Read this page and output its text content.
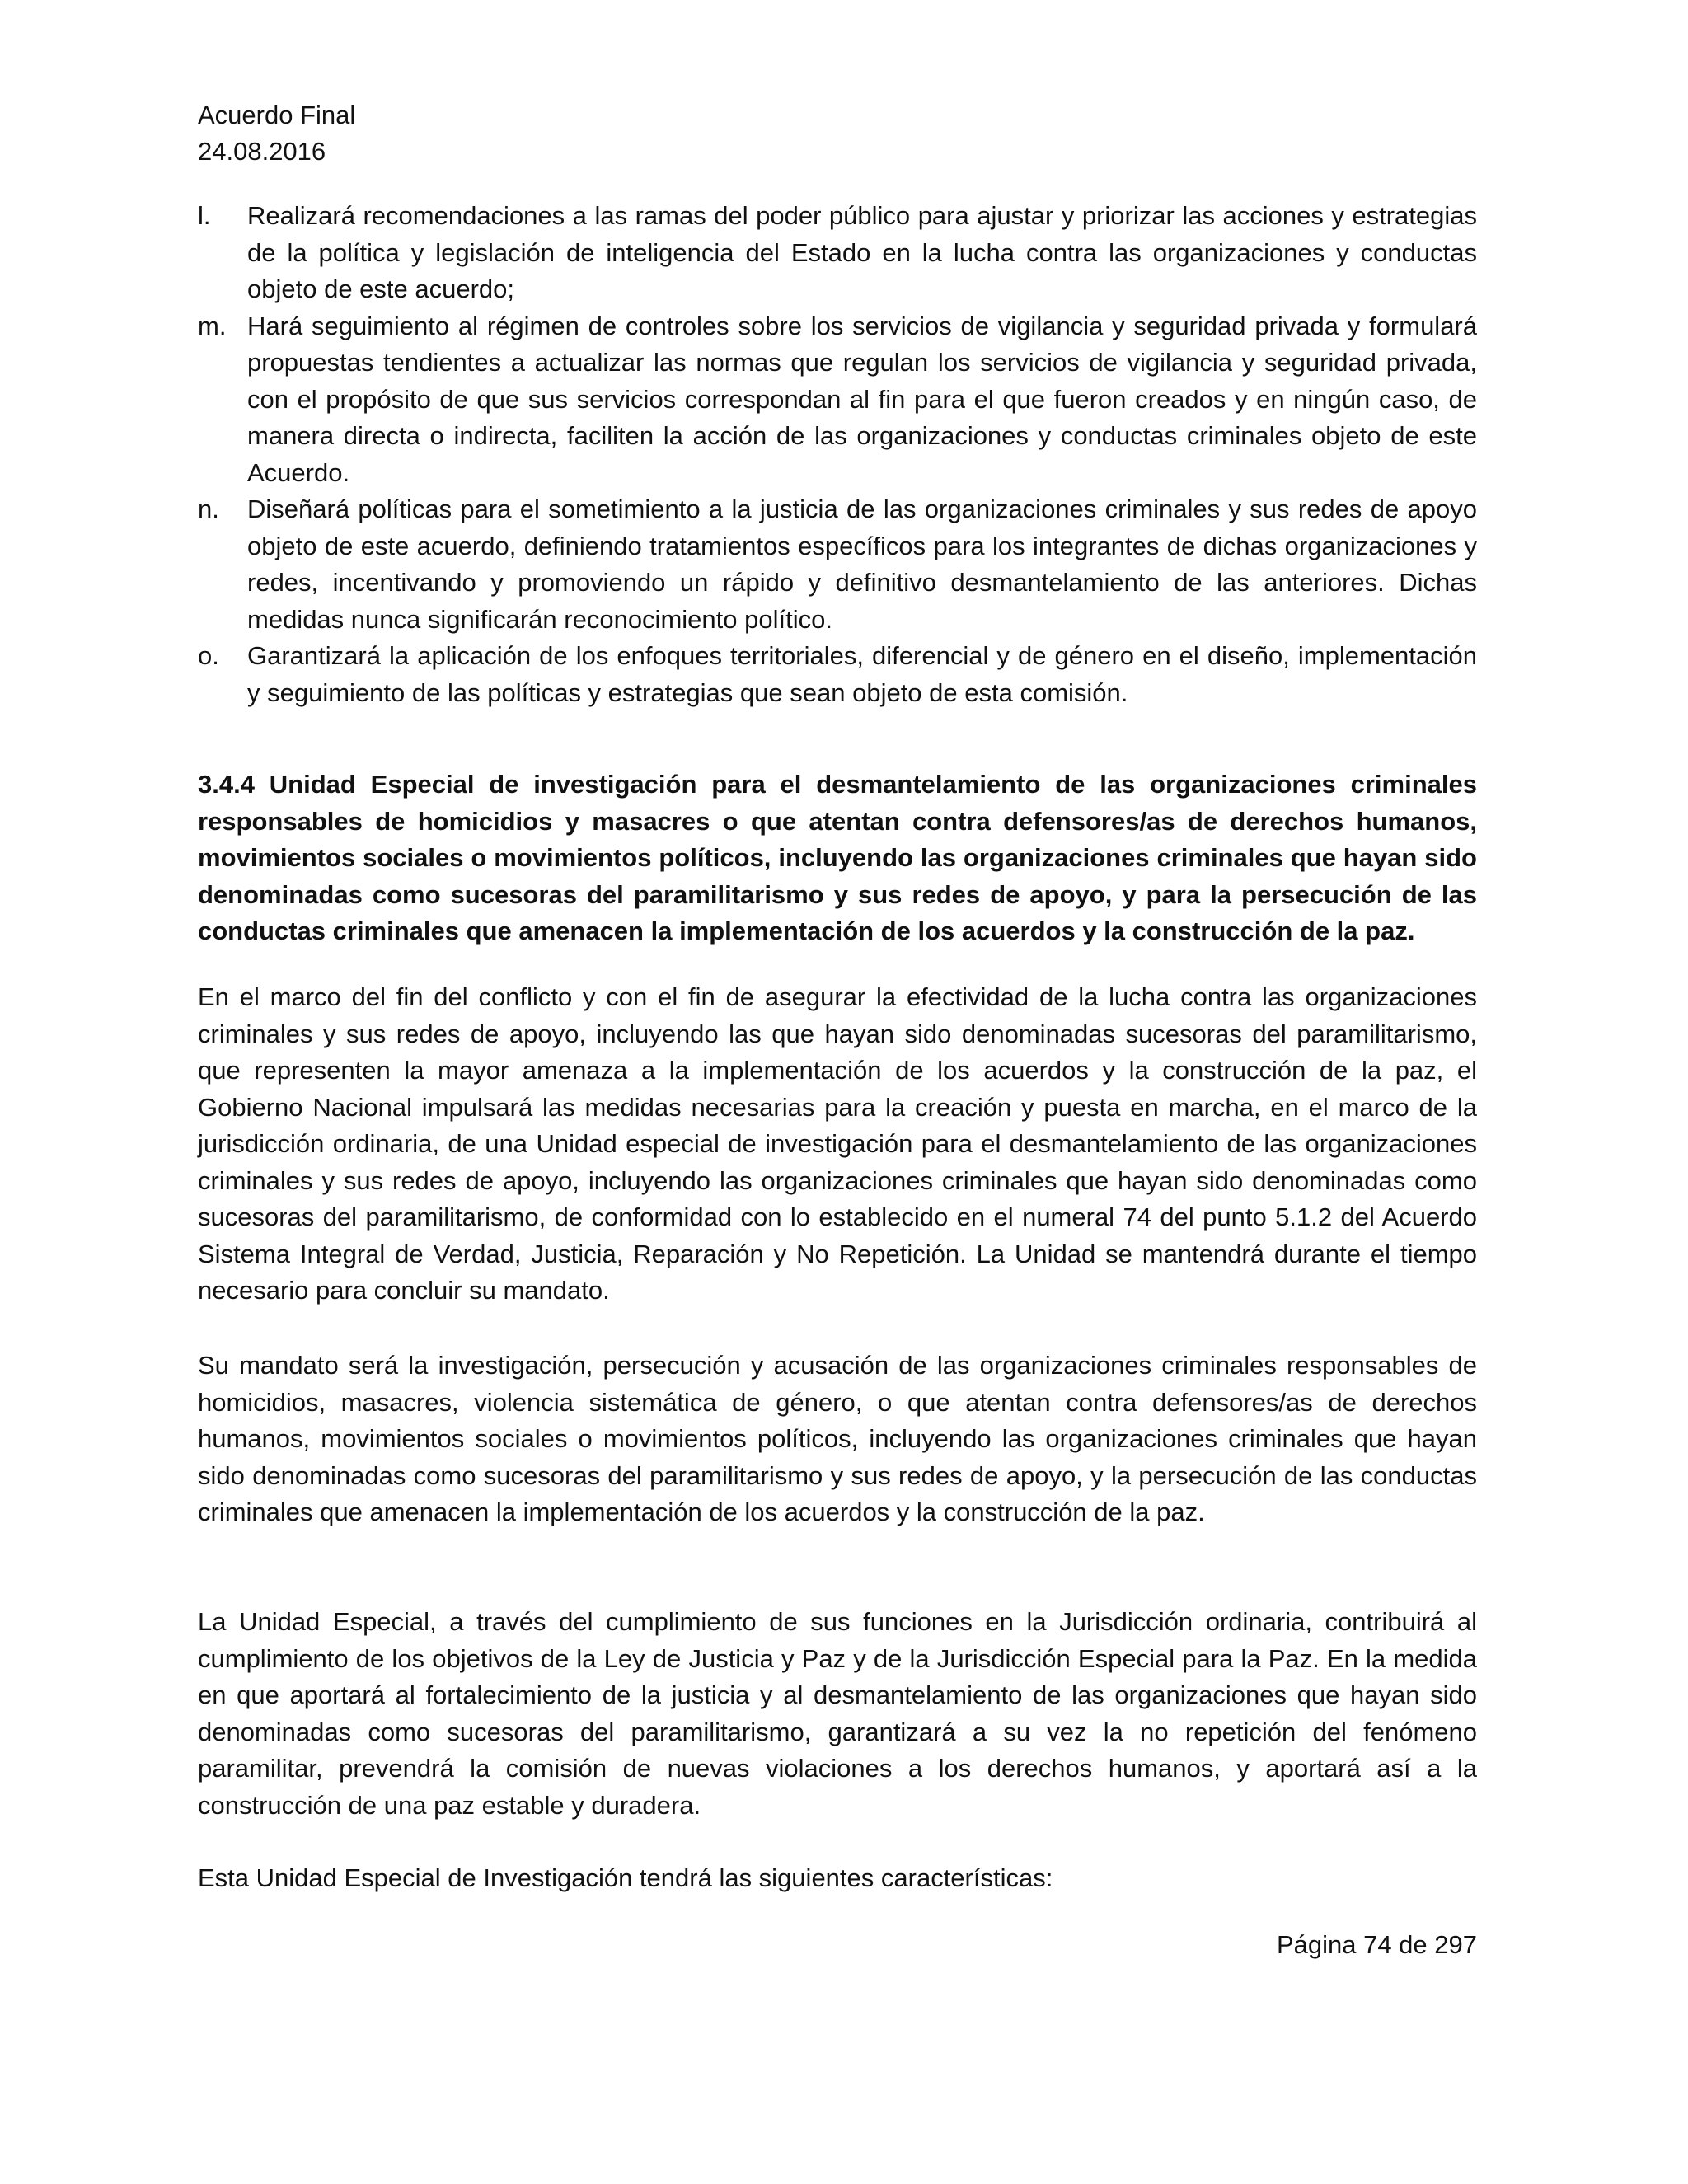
Acuerdo Final
24.08.2016
l.	Realizará recomendaciones a las ramas del poder público para ajustar y priorizar las acciones y estrategias de la política y legislación de inteligencia del Estado en la lucha contra las organizaciones y conductas objeto de este acuerdo;
m. Hará seguimiento al régimen de controles sobre los servicios de vigilancia y seguridad privada y formulará propuestas tendientes a actualizar las normas que regulan los servicios de vigilancia y seguridad privada, con el propósito de que sus servicios correspondan al fin para el que fueron creados y en ningún caso, de manera directa o indirecta, faciliten la acción de las organizaciones y conductas criminales objeto de este Acuerdo.
n.	Diseñará políticas para el sometimiento a la justicia de las organizaciones criminales y sus redes de apoyo objeto de este acuerdo, definiendo tratamientos específicos para los integrantes de dichas organizaciones y redes, incentivando y promoviendo un rápido y definitivo desmantelamiento de las anteriores. Dichas medidas nunca significarán reconocimiento político.
o.	Garantizará la aplicación de los enfoques territoriales, diferencial y de género en el diseño, implementación y seguimiento de las políticas y estrategias que sean objeto de esta comisión.
3.4.4 Unidad Especial de investigación para el desmantelamiento de las organizaciones criminales responsables de homicidios y masacres o que atentan contra defensores/as de derechos humanos, movimientos sociales o movimientos políticos, incluyendo las organizaciones criminales que hayan sido denominadas como sucesoras del paramilitarismo y sus redes de apoyo, y para la persecución de las conductas criminales que amenacen la implementación de los acuerdos y la construcción de la paz.

En el marco del fin del conflicto y con el fin de asegurar la efectividad de la lucha contra las organizaciones criminales y sus redes de apoyo, incluyendo las que hayan sido denominadas sucesoras del paramilitarismo, que representen la mayor amenaza a la implementación de los acuerdos y la construcción de la paz, el Gobierno Nacional impulsará las medidas necesarias para la creación y puesta en marcha, en el marco de la jurisdicción ordinaria, de una Unidad especial de investigación para el desmantelamiento de las organizaciones criminales y sus redes de apoyo, incluyendo las organizaciones criminales que hayan sido denominadas como sucesoras del paramilitarismo, de conformidad con lo establecido en el numeral 74 del punto 5.1.2 del Acuerdo Sistema Integral de Verdad, Justicia, Reparación y No Repetición. La Unidad se mantendrá durante el tiempo necesario para concluir su mandato.

Su mandato será la investigación, persecución y acusación de las organizaciones criminales responsables de homicidios, masacres, violencia sistemática de género, o que atentan contra defensores/as de derechos humanos, movimientos sociales o movimientos políticos, incluyendo las organizaciones criminales que hayan sido denominadas como sucesoras del paramilitarismo y sus redes de apoyo, y la persecución de las conductas criminales que amenacen la implementación de los acuerdos y la construcción de la paz.

La Unidad Especial, a través del cumplimiento de sus funciones en la Jurisdicción ordinaria, contribuirá al cumplimiento de los objetivos de la Ley de Justicia y Paz y de la Jurisdicción Especial para la Paz. En la medida en que aportará al fortalecimiento de la justicia y al desmantelamiento de las organizaciones que hayan sido denominadas como sucesoras del paramilitarismo, garantizará a su vez la no repetición del fenómeno paramilitar, prevendrá la comisión de nuevas violaciones a los derechos humanos, y aportará así a la construcción de una paz estable y duradera.

Esta Unidad Especial de Investigación tendrá las siguientes características:

Página 74 de 297
